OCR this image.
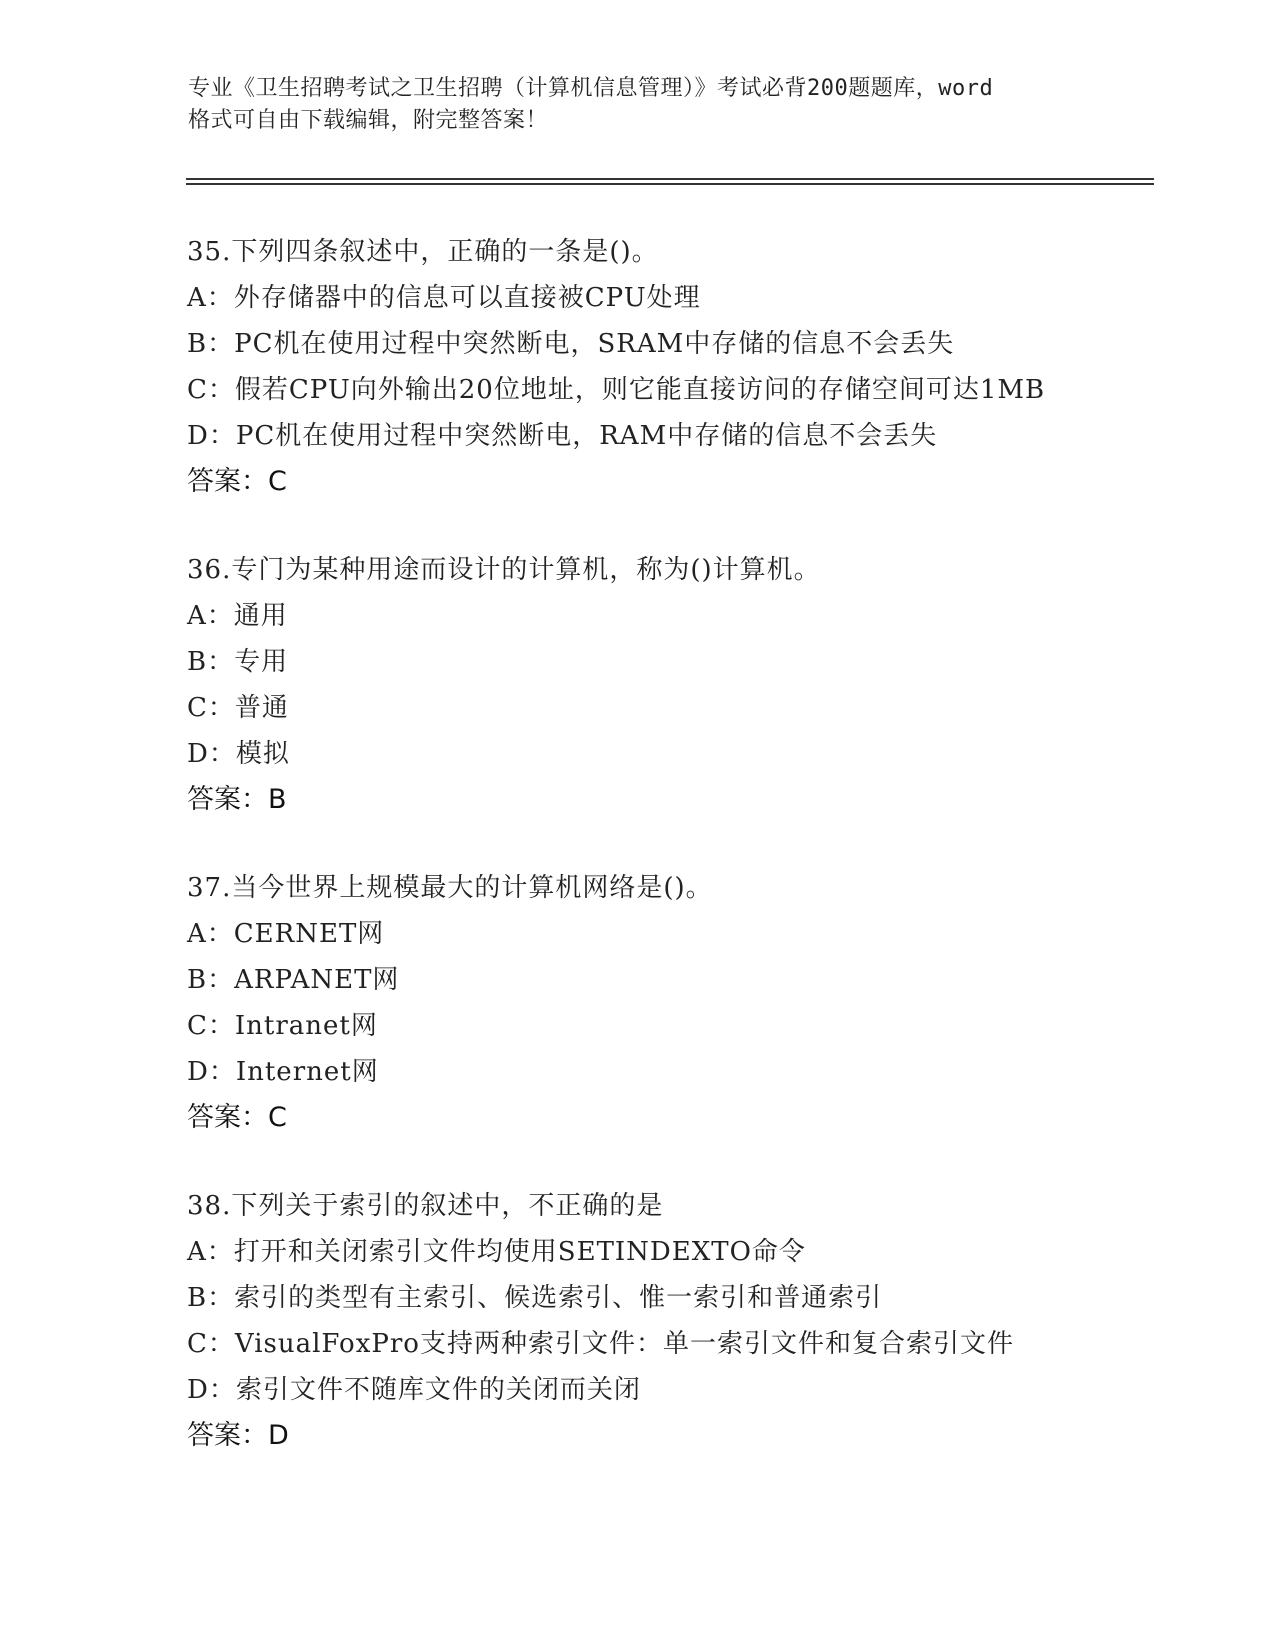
专业《卫生招聘考试之卫生招聘（计算机信息管理）》考试必背200题题库，word
格式可自由下载编辑，附完整答案！
35.下列四条叙述中，正确的一条是()。
A：外存储器中的信息可以直接被CPU处理
B：PC机在使用过程中突然断电，SRAM中存储的信息不会丢失
C：假若CPU向外输出20位地址，则它能直接访问的存储空间可达1MB
D：PC机在使用过程中突然断电，RAM中存储的信息不会丢失
答案：C
36.专门为某种用途而设计的计算机，称为()计算机。
A：通用
B：专用
C：普通
D：模拟
答案：B
37.当今世界上规模最大的计算机网络是()。
A：CERNET网
B：ARPANET网
C：Intranet网
D：Internet网
答案：C
38.下列关于索引的叙述中，不正确的是
A：打开和关闭索引文件均使用SETINDEXTO命令
B：索引的类型有主索引、候选索引、惟一索引和普通索引
C：VisualFoxPro支持两种索引文件：单一索引文件和复合索引文件
D：索引文件不随库文件的关闭而关闭
答案：D
